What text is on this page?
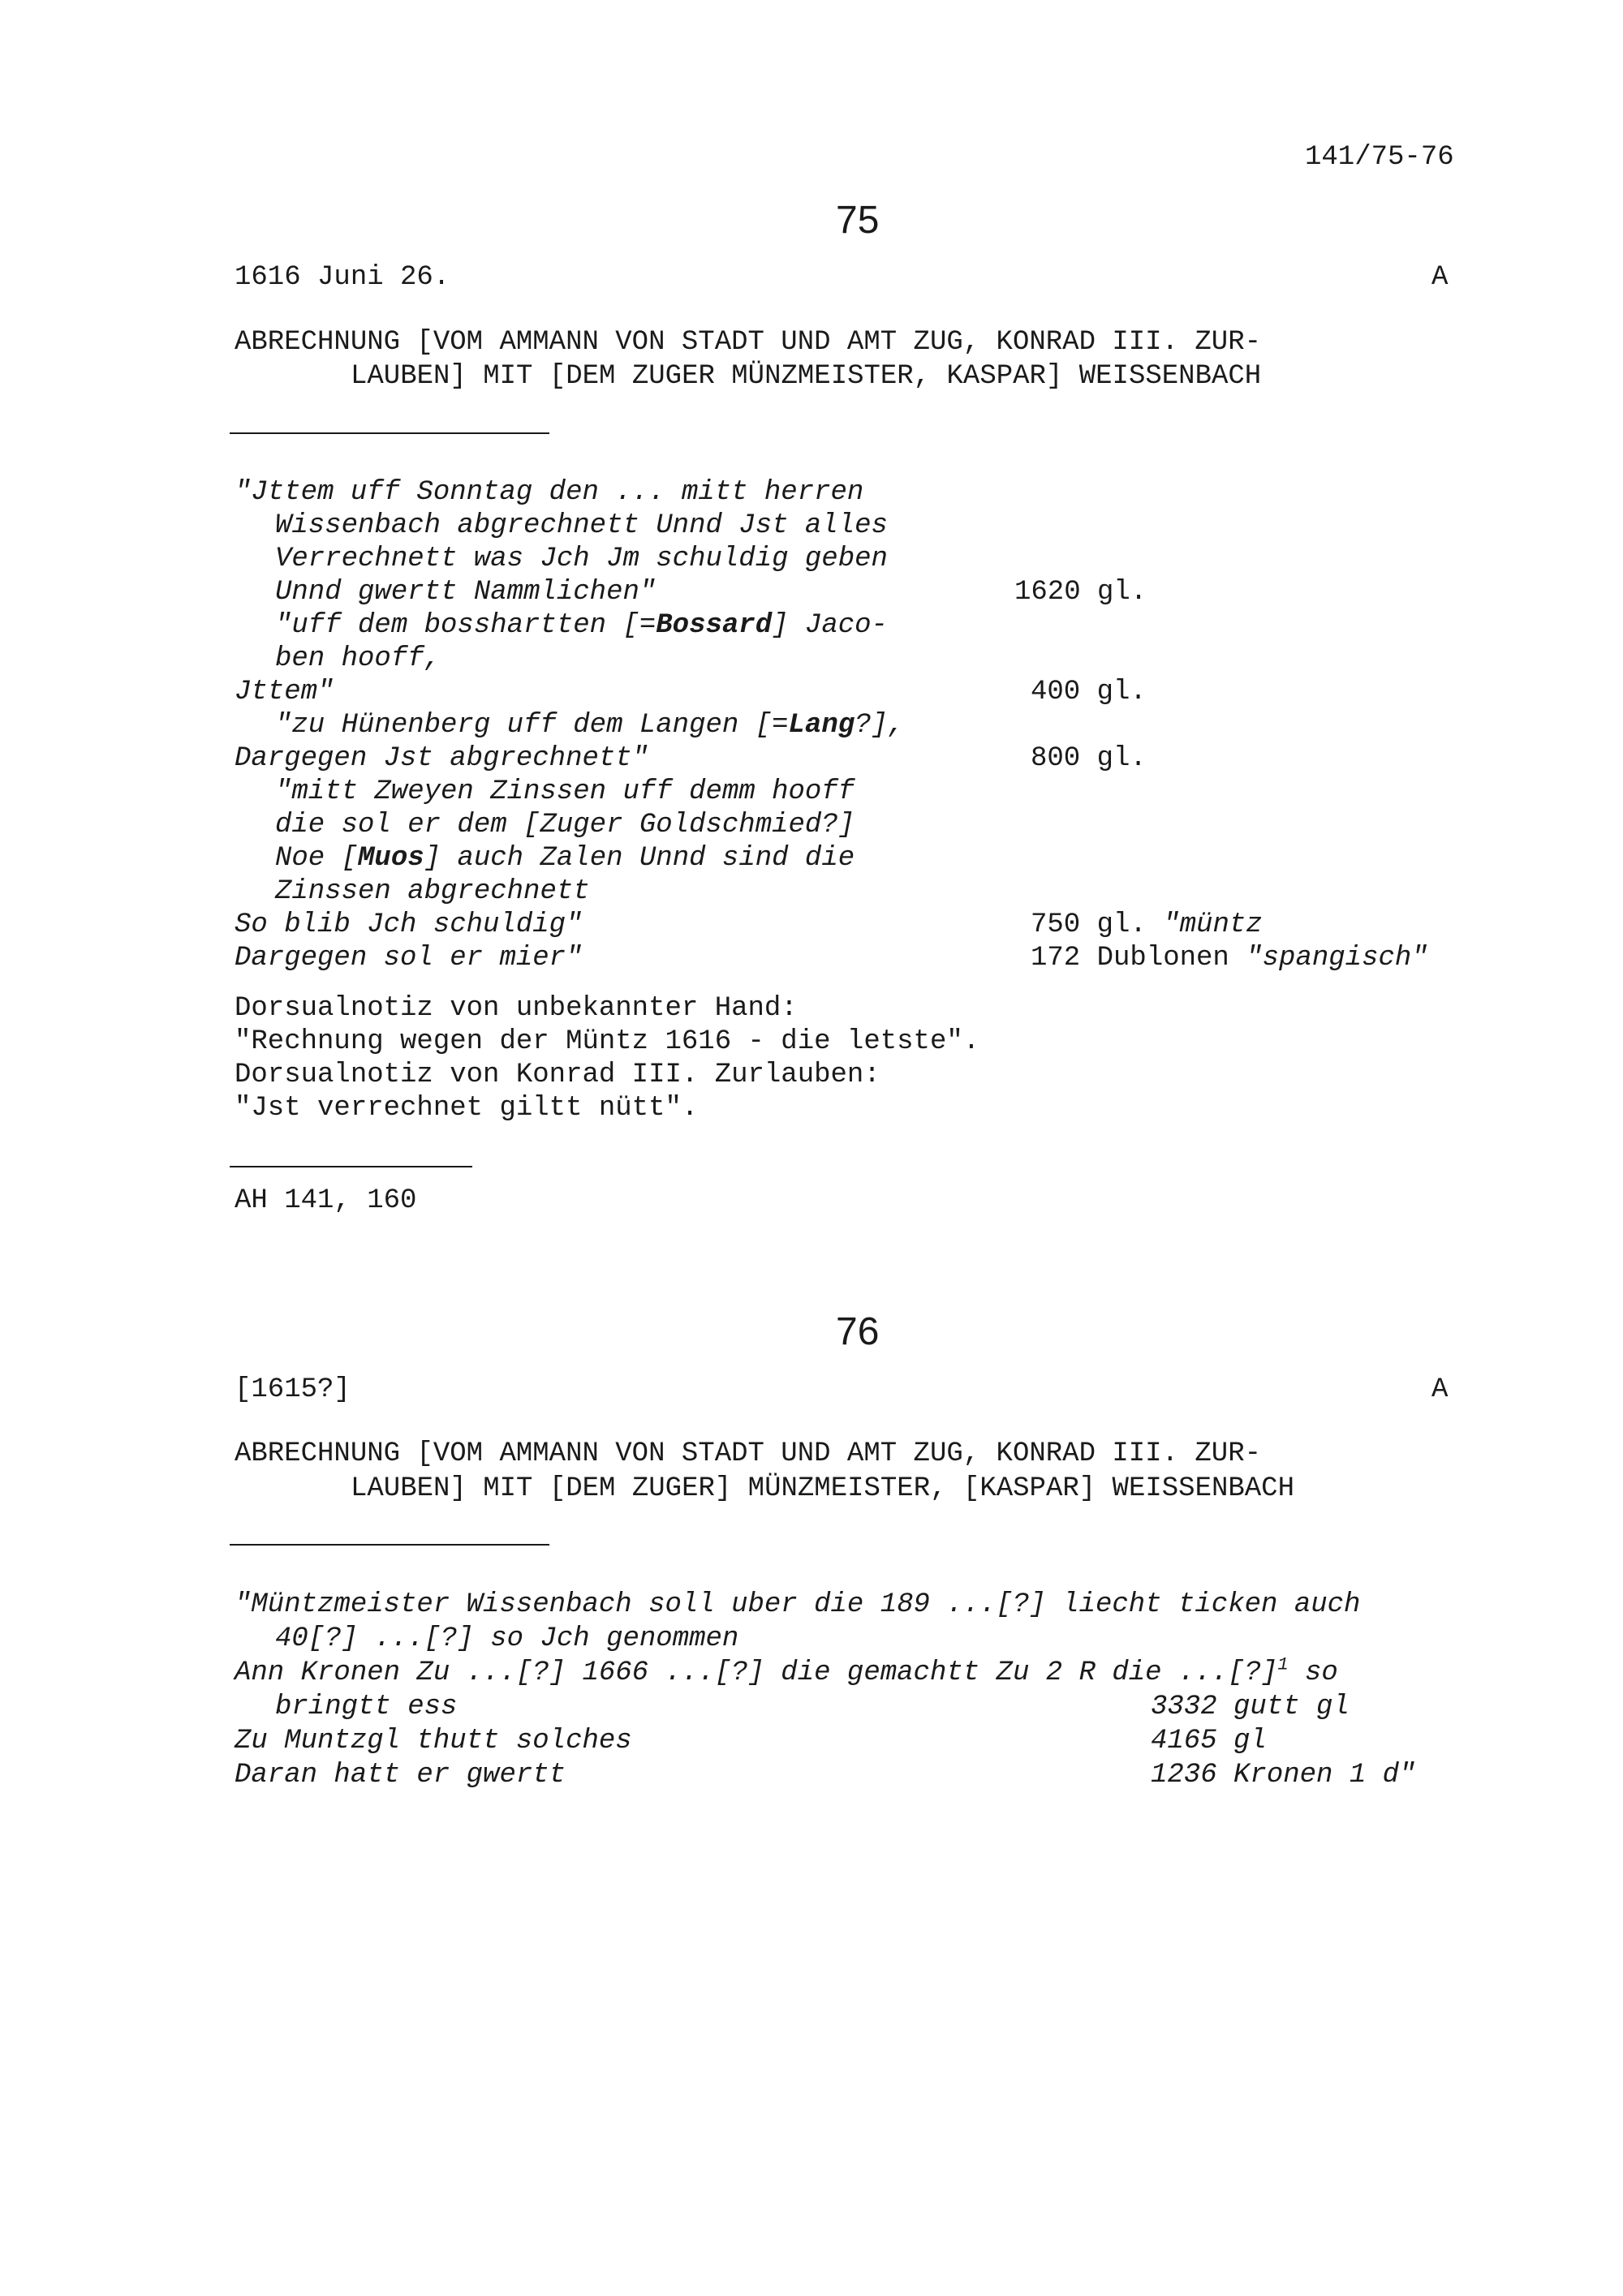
141/75-76
75
1616 Juni 26.	A
ABRECHNUNG [VOM AMMANN VON STADT UND AMT ZUG, KONRAD III. ZUR-
LAUBEN] MIT [DEM ZUGER MÜNZMEISTER, KASPAR] WEISSENBACH
"Jttem uff Sonntag den ... mitt herren
Wissenbach abgrechnett Unnd Jst alles
Verrechnett was Jch Jm schuldig geben
Unnd gwertt Nammlichen"	1620 gl.
"uff dem bosshartten [=Bossard] Jaco-
ben hooff,
Jttem"	400 gl.
"zu Hünenberg uff dem Langen [=Lang?],
Dargegen Jst abgrechnett"	800 gl.
"mitt Zweyen Zinssen uff demm hooff
die sol er dem [Zuger Goldschmied?]
Noe [Muos] auch Zalen Unnd sind die
Zinssen abgrechnett
So blib Jch schuldig"	750 gl. "müntz
Dargegen sol er mier"	172 Dublonen "spangisch"
Dorsualnotiz von unbekannter Hand:
"Rechnung wegen der Müntz 1616 - die letste".
Dorsualnotiz von Konrad III. Zurlauben:
"Jst verrechnet giltt nütt".
AH 141, 160
76
[1615?]	A
ABRECHNUNG [VOM AMMANN VON STADT UND AMT ZUG, KONRAD III. ZUR-
LAUBEN] MIT [DEM ZUGER] MÜNZMEISTER, [KASPAR] WEISSENBACH
"Müntzmeister Wissenbach soll uber die 189 ...[?] liecht ticken auch
40[?] ...[?] so Jch genommen
Ann Kronen Zu ...[?] 1666 ...[?] die gemachtt Zu 2 R die ...[?]$^1$ so
bringtt ess	3332 gutt gl
Zu Muntzgl thutt solches	4165 gl
Daran hatt er gwertt	1236 Kronen 1 d"
